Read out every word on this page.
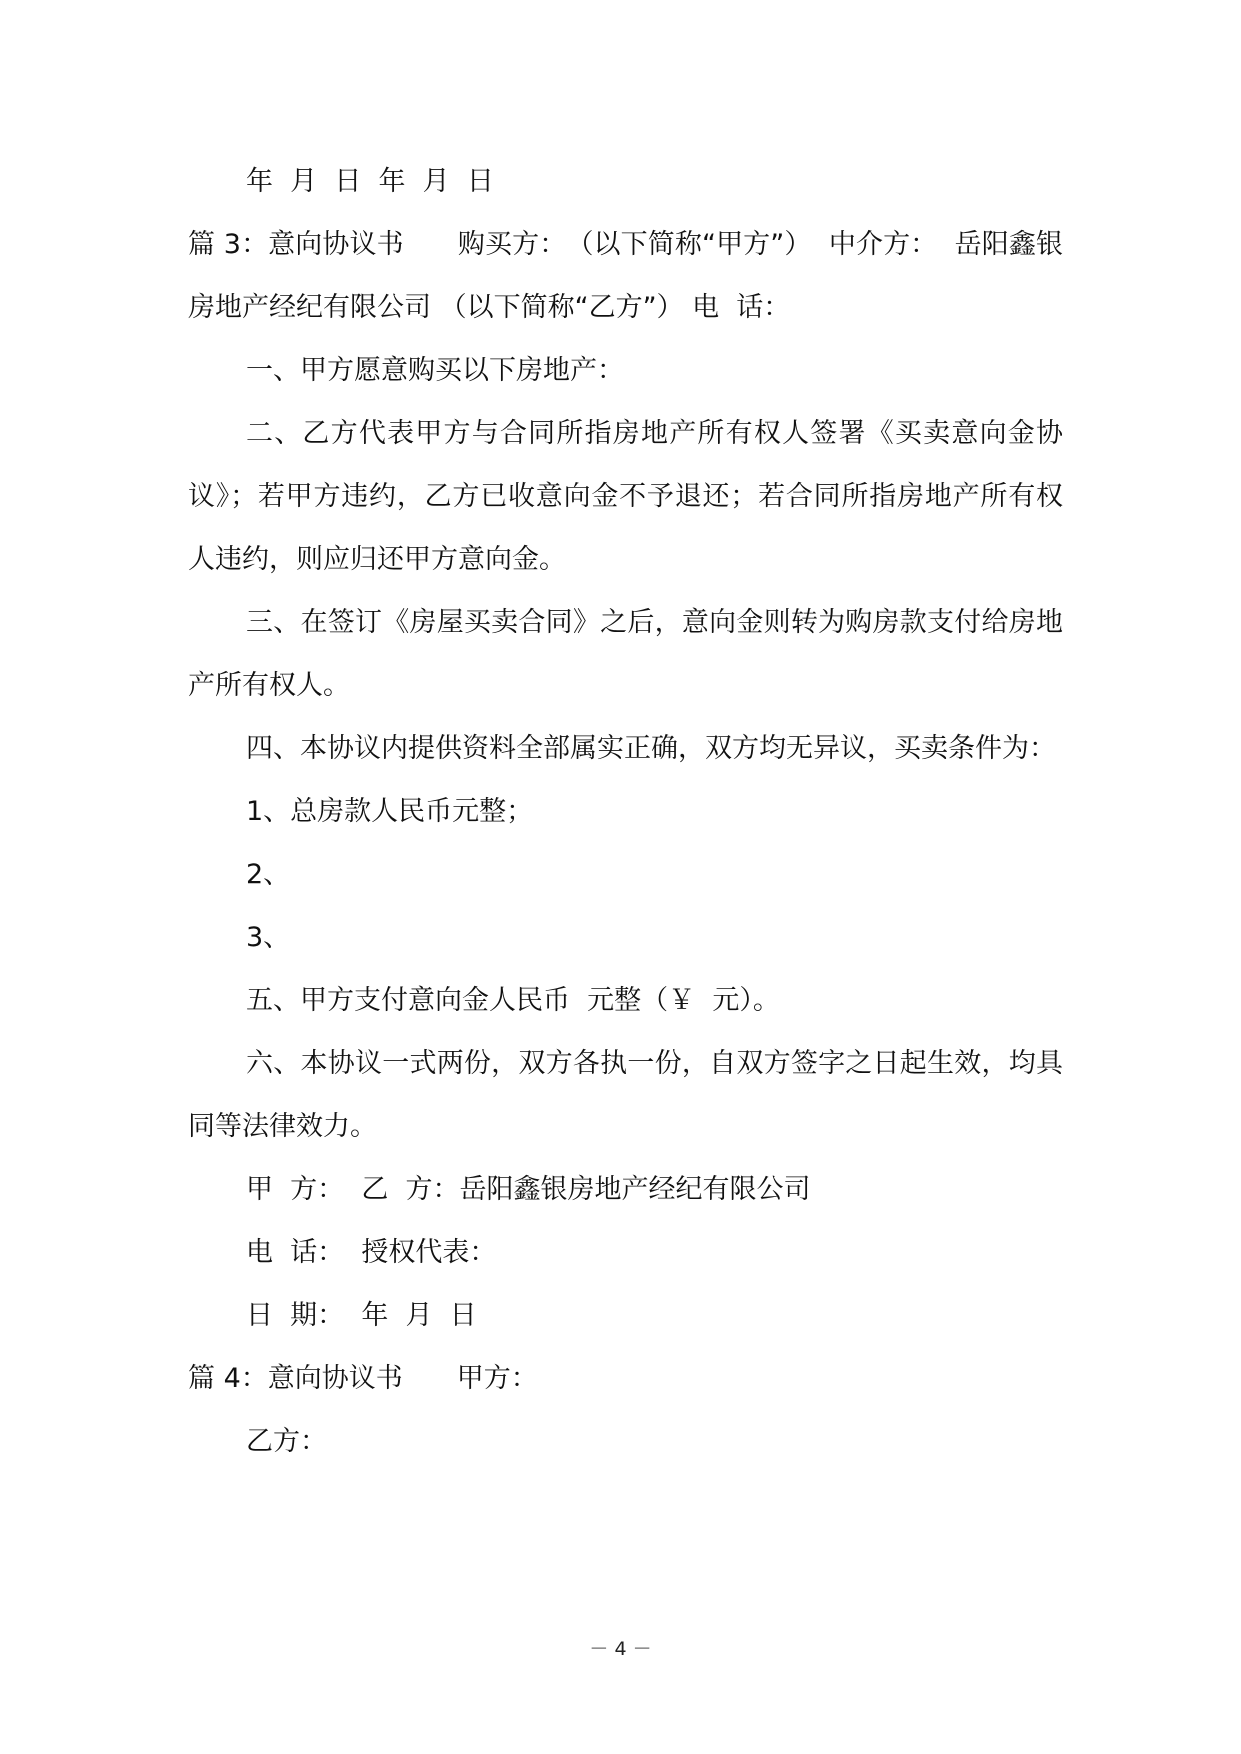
年  月  日  年  月  日

篇 3：意向协议书　　购买方：　（以下简称“甲方”）  中介方：  岳阳鑫银房地产经纪有限公司 （以下简称“乙方”） 电  话：

一、甲方愿意购买以下房地产：

二、乙方代表甲方与合同所指房地产所有权人签署《买卖意向金协议》；若甲方违约，乙方已收意向金不予退还；若合同所指房地产所有权人违约，则应归还甲方意向金。

三、在签订《房屋买卖合同》之后，意向金则转为购房款支付给房地产所有权人。

四、本协议内提供资料全部属实正确，双方均无异议，买卖条件为：

1、总房款人民币元整；

2、

3、

五、甲方支付意向金人民币  元整（￥  元）。

六、本协议一式两份，双方各执一份，自双方签字之日起生效，均具同等法律效力。

甲  方：  乙  方：岳阳鑫银房地产经纪有限公司

电  话：  授权代表：

日  期：  年  月  日

篇 4：意向协议书　　甲方：

乙方：

－ 4 －
